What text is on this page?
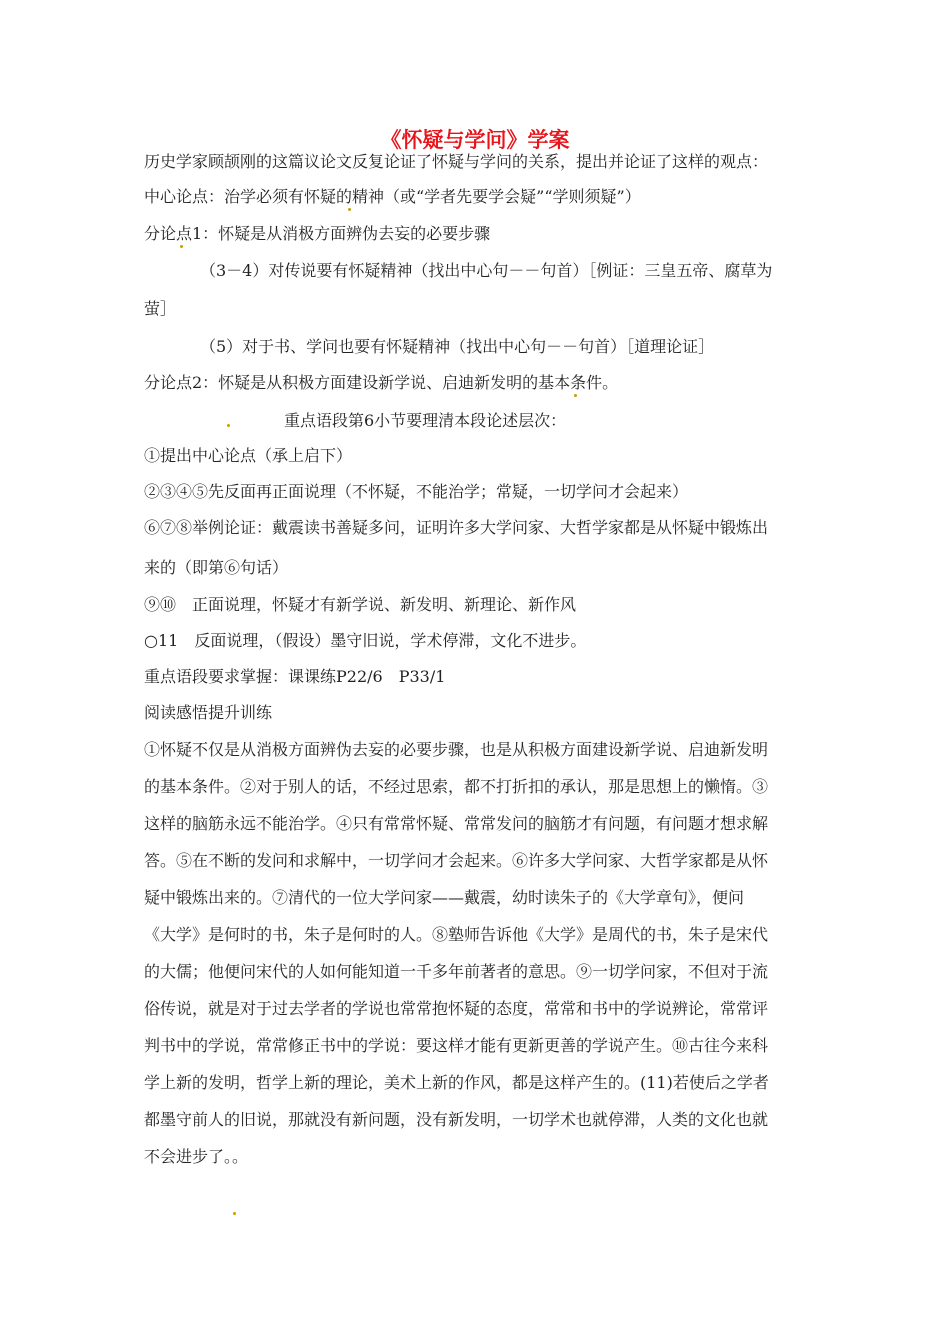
《怀疑与学问》学案
历史学家顾颉刚的这篇议论文反复论证了怀疑与学问的关系，提出并论证了这样的观点：
中心论点：治学必须有怀疑的精神（或“学者先要学会疑”“学则须疑”）
分论点1：怀疑是从消极方面辨伪去妄的必要步骤
（3－4）对传说要有怀疑精神（找出中心句－－句首）［例证：三皇五帝、腐草为
萤］
（5）对于书、学问也要有怀疑精神（找出中心句－－句首）［道理论证］
分论点2：怀疑是从积极方面建设新学说、启迪新发明的基本条件。
重点语段第6小节要理清本段论述层次：
①提出中心论点（承上启下）
②③④⑤先反面再正面说理（不怀疑，不能治学；常疑，一切学问才会起来）
⑥⑦⑧举例论证：戴震读书善疑多问，证明许多大学问家、大哲学家都是从怀疑中锻炼出
来的（即第⑥句话）
⑨⑩　正面说理，怀疑才有新学说、新发明、新理论、新作风
○11　反面说理，（假设）墨守旧说，学术停滞，文化不进步。
重点语段要求掌握：课课练P22/6　P33/1
阅读感悟提升训练
①怀疑不仅是从消极方面辨伪去妄的必要步骤，也是从积极方面建设新学说、启迪新发明
的基本条件。②对于别人的话，不经过思索，都不打折扣的承认，那是思想上的懒惰。③
这样的脑筋永远不能治学。④只有常常怀疑、常常发问的脑筋才有问题，有问题才想求解
答。⑤在不断的发问和求解中，一切学问才会起来。⑥许多大学问家、大哲学家都是从怀
疑中锻炼出来的。⑦清代的一位大学问家——戴震，幼时读朱子的《大学章句》，便问
《大学》是何时的书，朱子是何时的人。⑧塾师告诉他《大学》是周代的书，朱子是宋代
的大儒；他便问宋代的人如何能知道一千多年前著者的意思。⑨一切学问家，不但对于流
俗传说，就是对于过去学者的学说也常常抱怀疑的态度，常常和书中的学说辨论，常常评
判书中的学说，常常修正书中的学说：要这样才能有更新更善的学说产生。⑩古往今来科
学上新的发明，哲学上新的理论，美术上新的作风，都是这样产生的。(11)若使后之学者
都墨守前人的旧说，那就没有新问题，没有新发明，一切学术也就停滞，人类的文化也就
不会进步了。。
